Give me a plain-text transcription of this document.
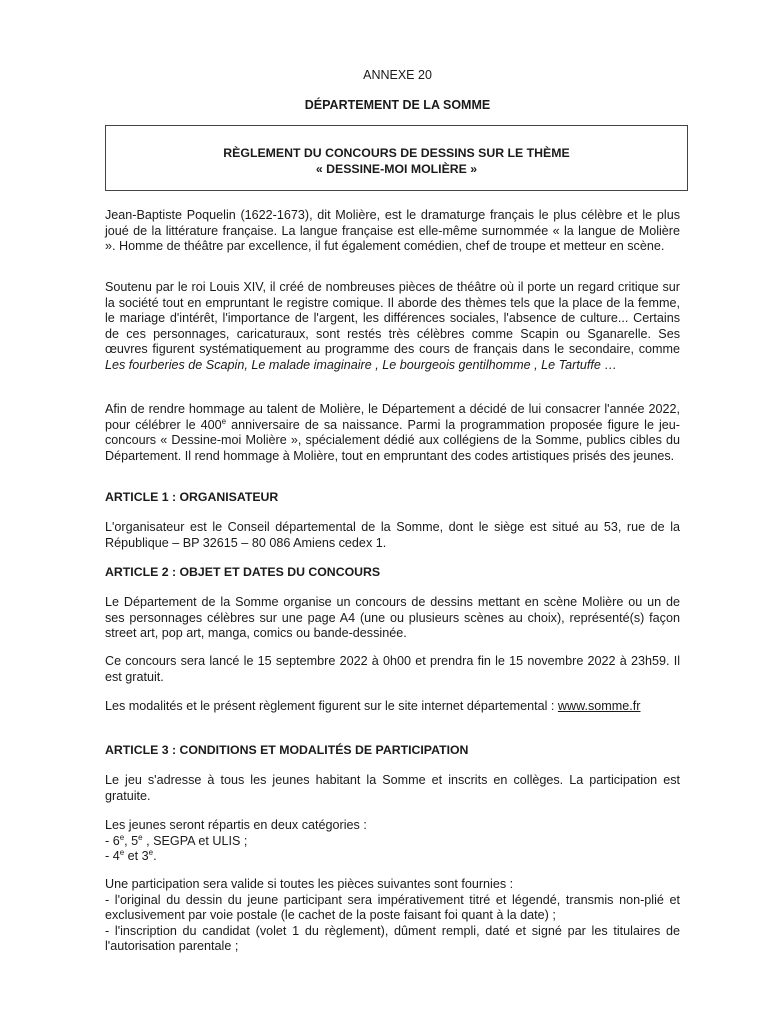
ANNEXE 20
DÉPARTEMENT DE LA SOMME
RÈGLEMENT DU CONCOURS DE DESSINS SUR LE THÈME
« DESSINE-MOI MOLIÈRE »

Jean-Baptiste Poquelin (1622-1673), dit Molière, est le dramaturge français le plus célèbre et le plus joué de la littérature française. La langue française est elle-même surnommée « la langue de Molière ». Homme de théâtre par excellence, il fut également comédien, chef de troupe et metteur en scène.

Soutenu par le roi Louis XIV, il créé de nombreuses pièces de théâtre où il porte un regard critique sur la société tout en empruntant le registre comique. Il aborde des thèmes tels que la place de la femme, le mariage d'intérêt, l'importance de l'argent, les différences sociales, l'absence de culture... Certains de ces personnages, caricaturaux, sont restés très célèbres comme Scapin ou Sganarelle. Ses œuvres figurent systématiquement au programme des cours de français dans le secondaire, comme Les fourberies de Scapin, Le malade imaginaire , Le bourgeois gentilhomme , Le Tartuffe …

Afin de rendre hommage au talent de Molière, le Département a décidé de lui consacrer l'année 2022, pour célébrer le 400e anniversaire de sa naissance. Parmi la programmation proposée figure le jeu-concours « Dessine-moi Molière », spécialement dédié aux collégiens de la Somme, publics cibles du Département. Il rend hommage à Molière, tout en empruntant des codes artistiques prisés des jeunes.

ARTICLE 1 : ORGANISATEUR

L'organisateur est le Conseil départemental de la Somme, dont le siège est situé au 53, rue de la République – BP 32615 – 80 086 Amiens cedex 1.

ARTICLE 2 : OBJET ET DATES DU CONCOURS

Le Département de la Somme organise un concours de dessins mettant en scène Molière ou un de ses personnages célèbres sur une page A4 (une ou plusieurs scènes au choix), représenté(s) façon street art, pop art, manga, comics ou bande-dessinée.

Ce concours sera lancé le 15 septembre 2022 à 0h00 et prendra fin le 15 novembre 2022 à 23h59. Il est gratuit.

Les modalités et le présent règlement figurent sur le site internet départemental : www.somme.fr

ARTICLE 3 : CONDITIONS ET MODALITÉS DE PARTICIPATION

Le jeu s'adresse à tous les jeunes habitant la Somme et inscrits en collèges. La participation est gratuite.

Les jeunes seront répartis en deux catégories :
- 6e, 5e , SEGPA et ULIS ;
- 4e et 3e.

Une participation sera valide si toutes les pièces suivantes sont fournies :
- l'original du dessin du jeune participant sera impérativement titré et légendé, transmis non-plié et exclusivement par voie postale (le cachet de la poste faisant foi quant à la date) ;
- l'inscription du candidat (volet 1 du règlement), dûment rempli, daté et signé par les titulaires de l'autorisation parentale ;
